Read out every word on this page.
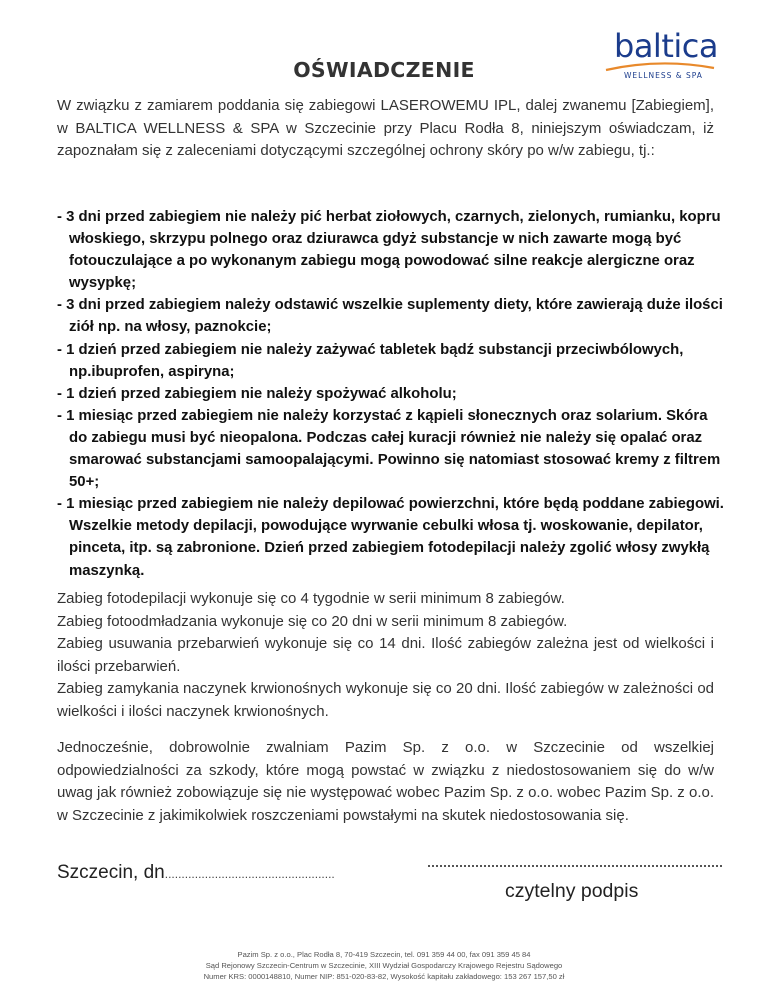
baltica
WELLNESS & SPA
OŚWIADCZENIE
W związku z zamiarem poddania się zabiegowi LASEROWEMU IPL, dalej zwanemu [Zabiegiem], w BALTICA WELLNESS & SPA w Szczecinie przy Placu Rodła 8, niniejszym oświadczam, iż zapoznałam się z zaleceniami dotyczącymi szczególnej ochrony skóry po w/w zabiegu, tj.:

- 3 dni przed zabiegiem nie należy pić herbat ziołowych, czarnych, zielonych, rumianku, kopru włoskiego, skrzypu polnego oraz dziurawca gdyż substancje w nich zawarte mogą być fotouczulające a po wykonanym zabiegu mogą powodować silne reakcje alergiczne oraz wysypkę;

- 3 dni przed zabiegiem należy odstawić wszelkie suplementy diety, które zawierają duże ilości ziół np. na włosy, paznokcie;

- 1 dzień przed zabiegiem nie należy zażywać tabletek bądź substancji przeciwbólowych, np.ibuprofen, aspiryna;

- 1 dzień przed zabiegiem nie należy spożywać alkoholu;

- 1 miesiąc przed zabiegiem nie należy korzystać z kąpieli słonecznych oraz solarium. Skóra do zabiegu musi być nieopalona. Podczas całej kuracji również nie należy się opalać oraz smarować substancjami samoopalającymi. Powinno się natomiast stosować kremy z filtrem 50+;

- 1 miesiąc przed zabiegiem nie należy depilować powierzchni, które będą poddane zabiegowi. Wszelkie metody depilacji, powodujące wyrwanie cebulki włosa tj. woskowanie, depilator, pinceta, itp. są zabronione. Dzień przed zabiegiem fotodepilacji należy zgolić włosy zwykłą maszynką.

Zabieg fotodepilacji wykonuje się co 4 tygodnie w serii minimum 8 zabiegów.
Zabieg fotoodmładzania wykonuje się co 20 dni w serii minimum 8 zabiegów.
Zabieg usuwania przebarwień wykonuje się co 14 dni. Ilość zabiegów zależna jest od wielkości i ilości przebarwień.
Zabieg zamykania naczynek krwionośnych wykonuje się co 20 dni. Ilość zabiegów w zależności od wielkości i ilości naczynek krwionośnych.
Jednocześnie, dobrowolnie zwalniam Pazim Sp. z o.o. w Szczecinie od wszelkiej odpowiedzialności za szkody, które mogą powstać w związku z niedostosowaniem się do w/w uwag jak również zobowiązuje się nie występować wobec Pazim Sp. z o.o. wobec Pazim Sp. z o.o. w Szczecinie z jakimikolwiek roszczeniami powstałymi na skutek niedostosowania się.
Szczecin, dn...................................................
czytelny podpis
Pazim Sp. z o.o., Plac Rodła 8, 70-419 Szczecin, tel. 091 359 44 00, fax 091 359 45 84
Sąd Rejonowy Szczecin-Centrum w Szczecinie, XIII Wydział Gospodarczy Krajowego Rejestru Sądowego
Numer KRS: 0000148810, Numer NIP: 851-020-83-82, Wysokość kapitału zakładowego: 153 267 157,50 zł
